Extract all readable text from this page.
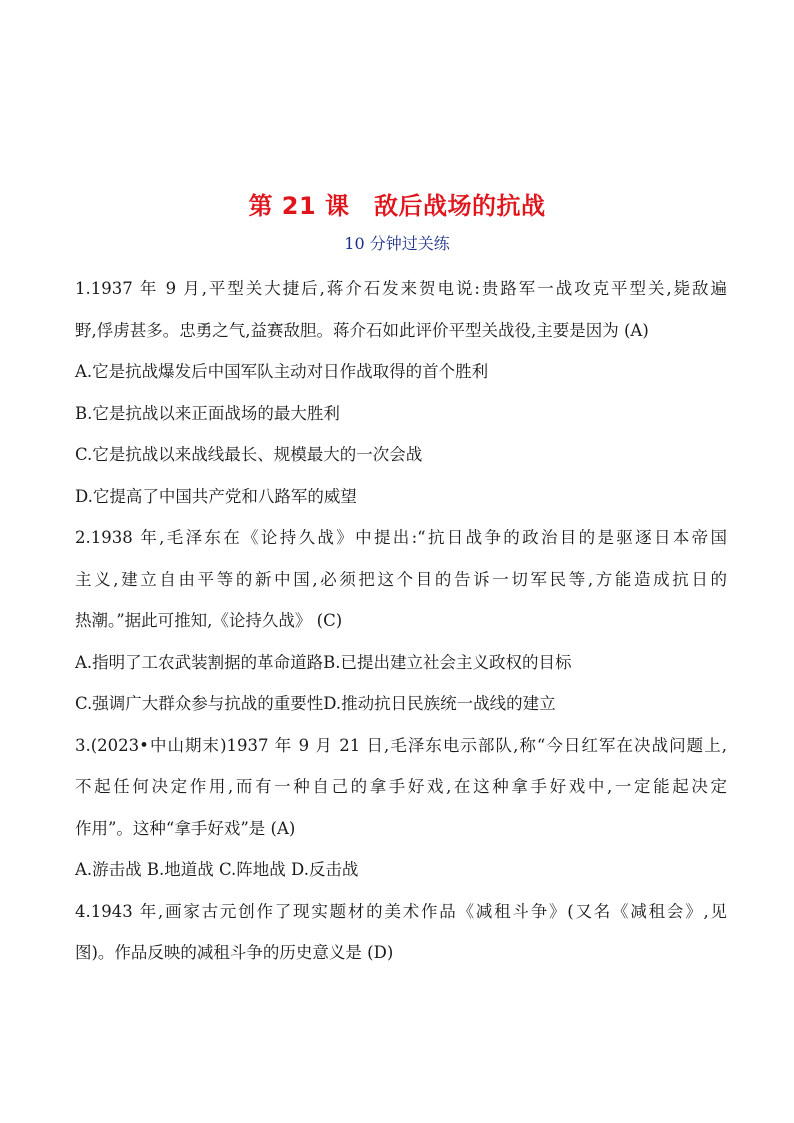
第 21 课　敌后战场的抗战
10 分钟过关练
1.1937 年 9 月,平型关大捷后,蒋介石发来贺电说:贵路军一战攻克平型关,毙敌遍
野,俘虏甚多。忠勇之气,益赛敌胆。蒋介石如此评价平型关战役,主要是因为 (A)
A.它是抗战爆发后中国军队主动对日作战取得的首个胜利
B.它是抗战以来正面战场的最大胜利
C.它是抗战以来战线最长、规模最大的一次会战
D.它提高了中国共产党和八路军的威望
2.1938 年,毛泽东在《论持久战》中提出:“抗日战争的政治目的是驱逐日本帝国
主义,建立自由平等的新中国,必须把这个目的告诉一切军民等,方能造成抗日的
热潮。”据此可推知,《论持久战》 (C)
A.指明了工农武装割据的革命道路B.已提出建立社会主义政权的目标
C.强调广大群众参与抗战的重要性D.推动抗日民族统一战线的建立
3.(2023•中山期末)1937 年 9 月 21 日,毛泽东电示部队,称“今日红军在决战问题上,
不起任何决定作用,而有一种自己的拿手好戏,在这种拿手好戏中,一定能起决定
作用”。这种“拿手好戏”是 (A)
A.游击战 B.地道战 C.阵地战 D.反击战
4.1943 年,画家古元创作了现实题材的美术作品《减租斗争》(又名《减租会》,见
图)。作品反映的减租斗争的历史意义是 (D)
